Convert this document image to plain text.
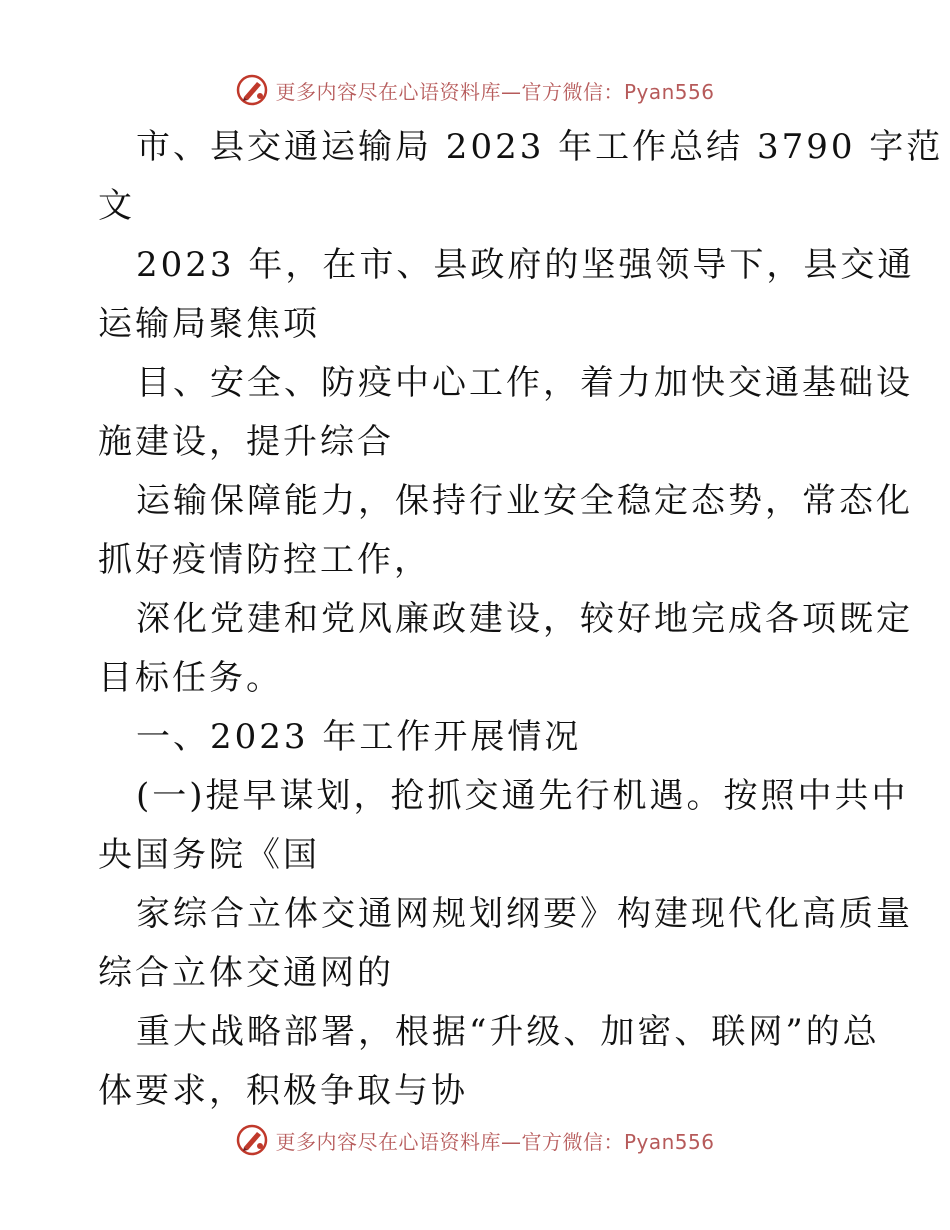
更多内容尽在心语资料库—官方微信：Pyan556

市、县交通运输局 2023 年工作总结 3790 字范
文

2023 年，在市、县政府的坚强领导下，县交通
运输局聚焦项

目、安全、防疫中心工作，着力加快交通基础设
施建设，提升综合

运输保障能力，保持行业安全稳定态势，常态化
抓好疫情防控工作，

深化党建和党风廉政建设，较好地完成各项既定
目标任务。

一、2023 年工作开展情况

(一)提早谋划，抢抓交通先行机遇。按照中共中
央国务院《国

家综合立体交通网规划纲要》构建现代化高质量
综合立体交通网的

重大战略部署，根据“升级、加密、联网”的总
体要求，积极争取与协

更多内容尽在心语资料库—官方微信：Pyan556
